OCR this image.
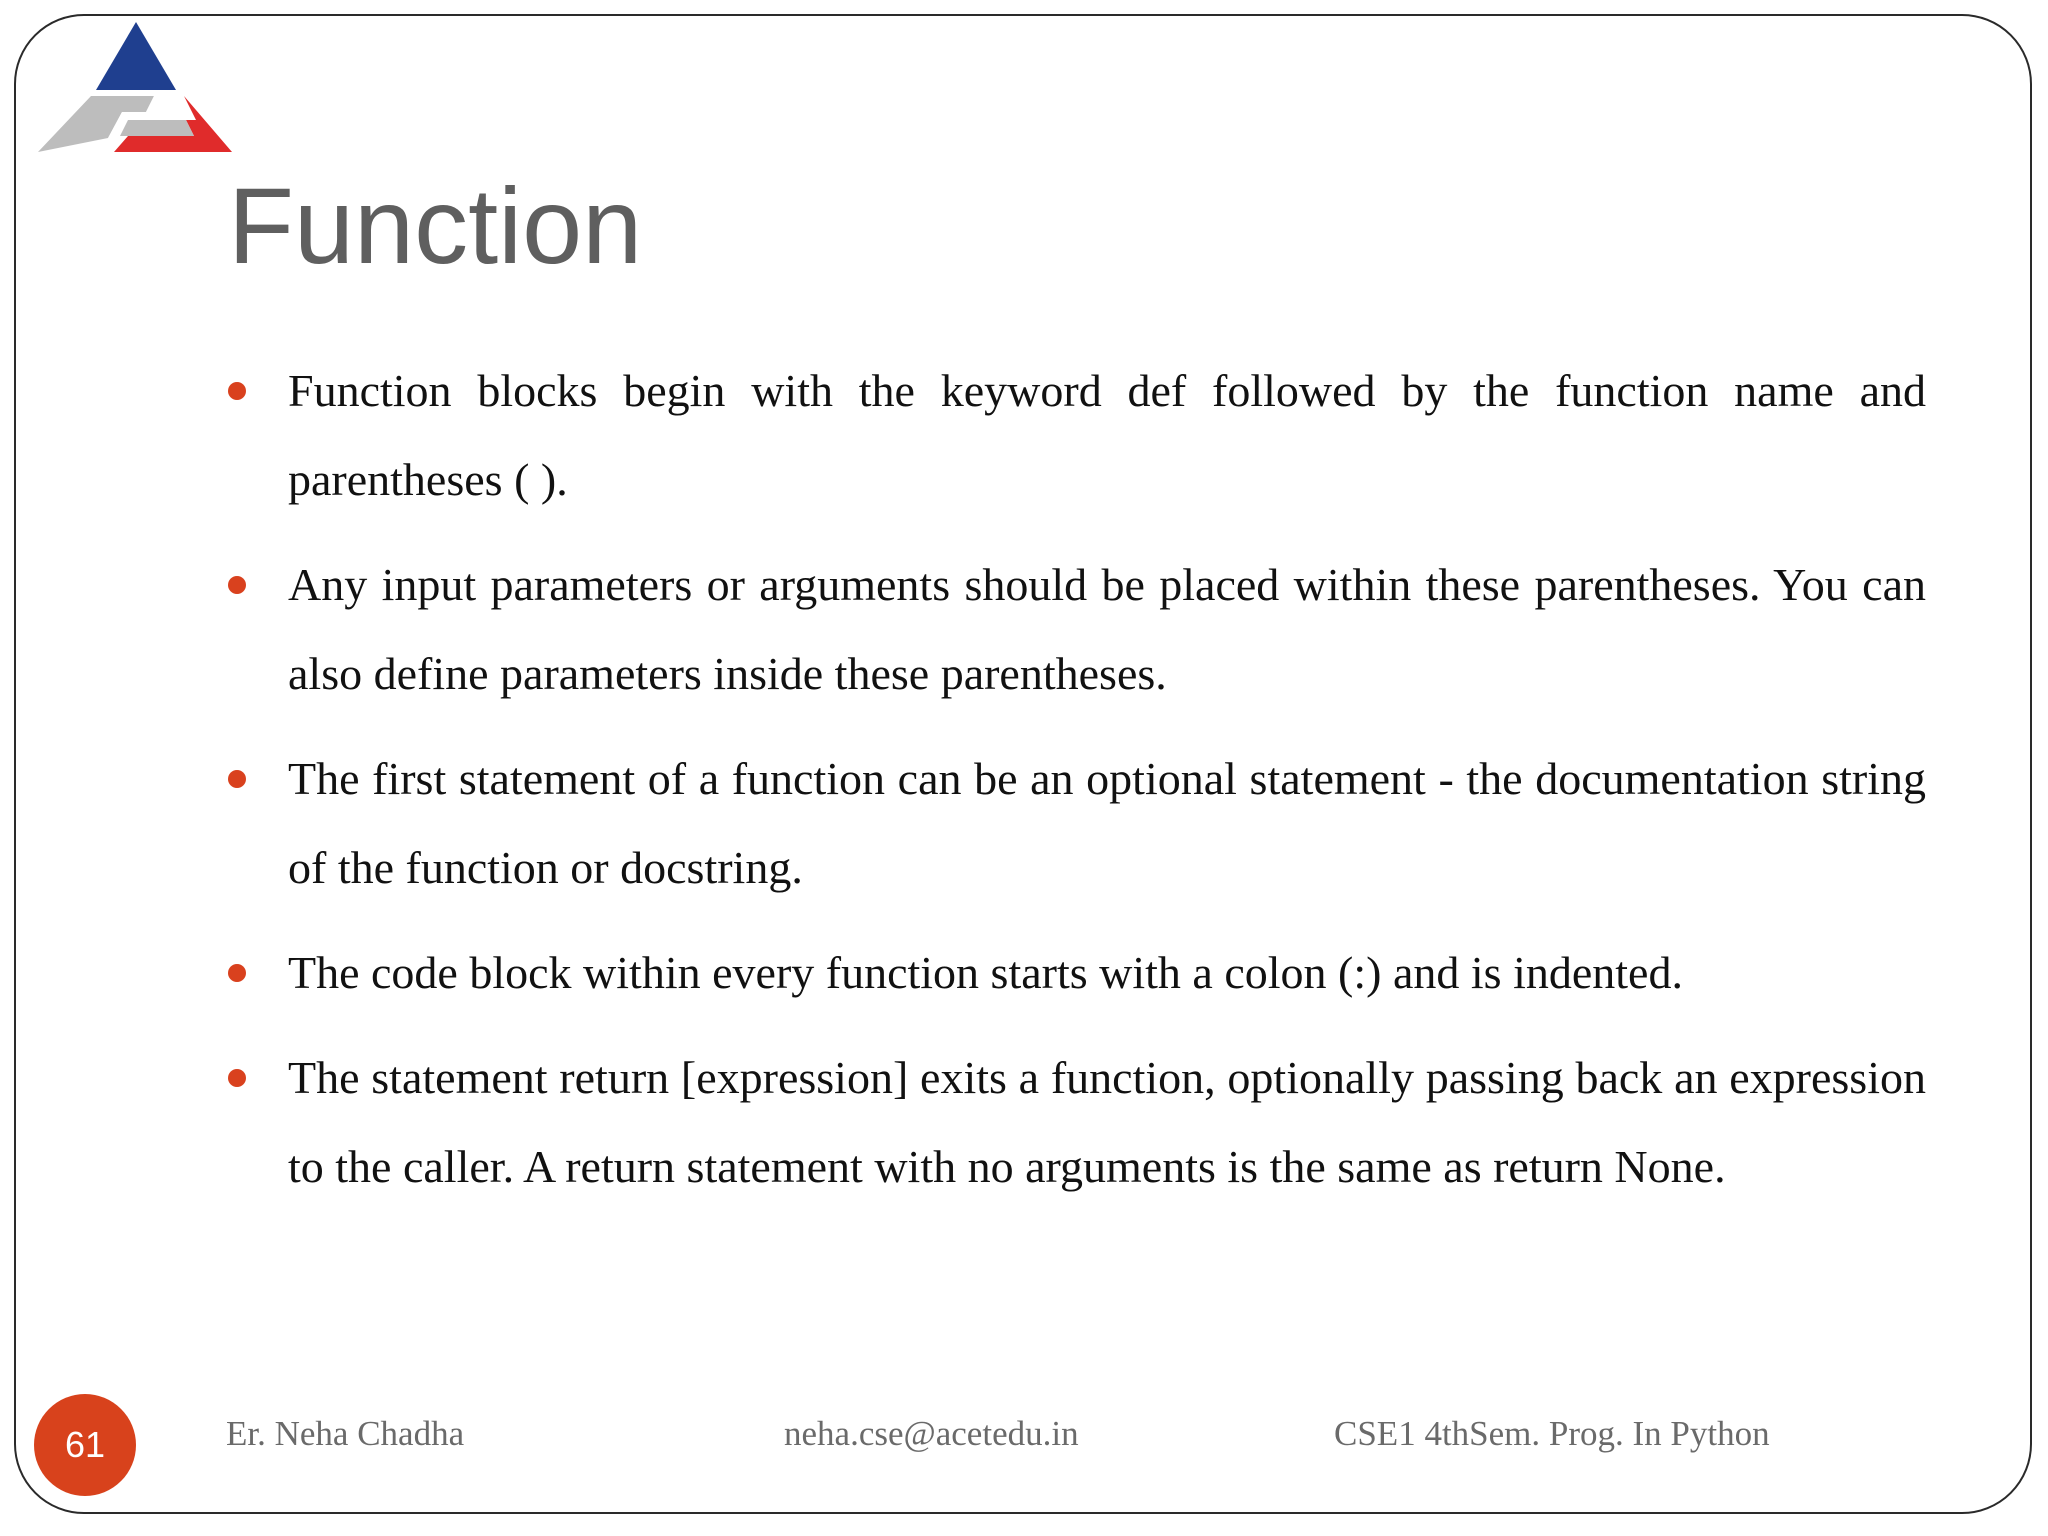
Function
Function blocks begin with the keyword def followed by the function name and parentheses ( ).
Any input parameters or arguments should be placed within these parentheses. You can also define parameters inside these parentheses.
The first statement of a function can be an optional statement - the documentation string of the function or docstring.
The code block within every function starts with a colon (:) and is indented.
The statement return [expression] exits a function, optionally passing back an expression to the caller. A return statement with no arguments is the same as return None.
61	Er. Neha Chadha	neha.cse@acetedu.in	CSE1 4thSem. Prog. In Python
